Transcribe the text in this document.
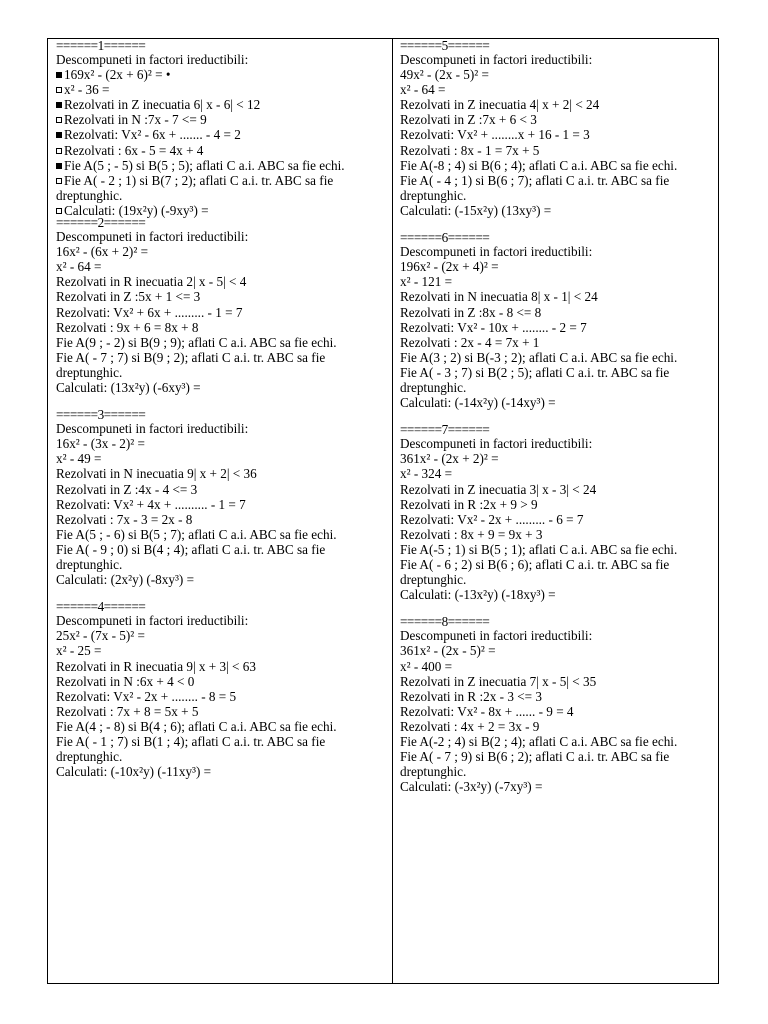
======1======
Descompuneti in factori ireductibili:
169x² - (2x + 6)² = •
x² - 36 =
Rezolvati in Z inecuatia 6| x - 6| < 12
Rezolvati in N :7x - 7 <= 9
Rezolvati: Vx² - 6x + ....... - 4 = 2
Rezolvati : 6x - 5 = 4x + 4
Fie A(5 ; - 5) si B(5 ; 5); aflati C a.i. ABC sa fie echi.
Fie A( - 2 ; 1) si B(7 ; 2); aflati C a.i. tr. ABC sa fie
dreptunghic.
Calculati: (19x²y) (-9xy³) =
======2======
Descompuneti in factori ireductibili:
16x² - (6x + 2)² =
x² - 64 =
Rezolvati in R inecuatia 2| x - 5| < 4
Rezolvati in Z :5x + 1 <= 3
Rezolvati: Vx² + 6x + ......... - 1 = 7
Rezolvati : 9x + 6 = 8x + 8
Fie A(9 ; - 2) si B(9 ; 9); aflati C a.i. ABC sa fie echi.
Fie A( - 7 ; 7) si B(9 ; 2); aflati C a.i. tr. ABC sa fie
dreptunghic.
Calculati: (13x²y) (-6xy³) =
======3======
Descompuneti in factori ireductibili:
16x² - (3x - 2)² =
x² - 49 =
Rezolvati in N inecuatia 9| x + 2| < 36
Rezolvati in Z :4x - 4 <= 3
Rezolvati: Vx² + 4x + .......... - 1 = 7
Rezolvati : 7x - 3 = 2x - 8
Fie A(5 ; - 6) si B(5 ; 7); aflati C a.i. ABC sa fie echi.
Fie A( - 9 ; 0) si B(4 ; 4); aflati C a.i. tr. ABC sa fie
dreptunghic.
Calculati: (2x²y) (-8xy³) =
======4======
Descompuneti in factori ireductibili:
25x² - (7x - 5)² =
x² - 25 =
Rezolvati in R inecuatia 9| x + 3| < 63
Rezolvati in N :6x + 4 < 0
Rezolvati: Vx² - 2x + ........ - 8 = 5
Rezolvati : 7x + 8 = 5x + 5
Fie A(4 ; - 8) si B(4 ; 6); aflati C a.i. ABC sa fie echi.
Fie A( - 1 ; 7) si B(1 ; 4); aflati C a.i. tr. ABC sa fie
dreptunghic.
Calculati: (-10x²y) (-11xy³) =
======5======
Descompuneti in factori ireductibili:
49x² - (2x - 5)² =
x² - 64 =
Rezolvati in Z inecuatia 4| x + 2| < 24
Rezolvati in Z :7x + 6 < 3
Rezolvati: Vx² + ........x + 16 - 1 = 3
Rezolvati : 8x - 1 = 7x + 5
Fie A(-8 ; 4) si B(6 ; 4); aflati C a.i. ABC sa fie echi.
Fie A( - 4 ; 1) si B(6 ; 7); aflati C a.i. tr. ABC sa fie
dreptunghic.
Calculati: (-15x²y) (13xy³) =
======6======
Descompuneti in factori ireductibili:
196x² - (2x + 4)² =
x² - 121 =
Rezolvati in N inecuatia 8| x - 1| < 24
Rezolvati in Z :8x - 8 <= 8
Rezolvati: Vx² - 10x + ........ - 2 = 7
Rezolvati : 2x - 4 = 7x + 1
Fie A(3 ; 2) si B(-3 ; 2); aflati C a.i. ABC sa fie echi.
Fie A( - 3 ; 7) si B(2 ; 5); aflati C a.i. tr. ABC sa fie
dreptunghic.
Calculati: (-14x²y) (-14xy³) =
======7======
Descompuneti in factori ireductibili:
361x² - (2x + 2)² =
x² - 324 =
Rezolvati in Z inecuatia 3| x - 3| < 24
Rezolvati in R :2x + 9 > 9
Rezolvati: Vx² - 2x + ......... - 6 = 7
Rezolvati : 8x + 9 = 9x + 3
Fie A(-5 ; 1) si B(5 ; 1); aflati C a.i. ABC sa fie echi.
Fie A( - 6 ; 2) si B(6 ; 6); aflati C a.i. tr. ABC sa fie
dreptunghic.
Calculati: (-13x²y) (-18xy³) =
======8======
Descompuneti in factori ireductibili:
361x² - (2x - 5)² =
x² - 400 =
Rezolvati in Z inecuatia 7| x - 5| < 35
Rezolvati in R :2x - 3 <= 3
Rezolvati: Vx² - 8x + ...... - 9 = 4
Rezolvati : 4x + 2 = 3x - 9
Fie A(-2 ; 4) si B(2 ; 4); aflati C a.i. ABC sa fie echi.
Fie A( - 7 ; 9) si B(6 ; 2); aflati C a.i. tr. ABC sa fie
dreptunghic.
Calculati: (-3x²y) (-7xy³) =
